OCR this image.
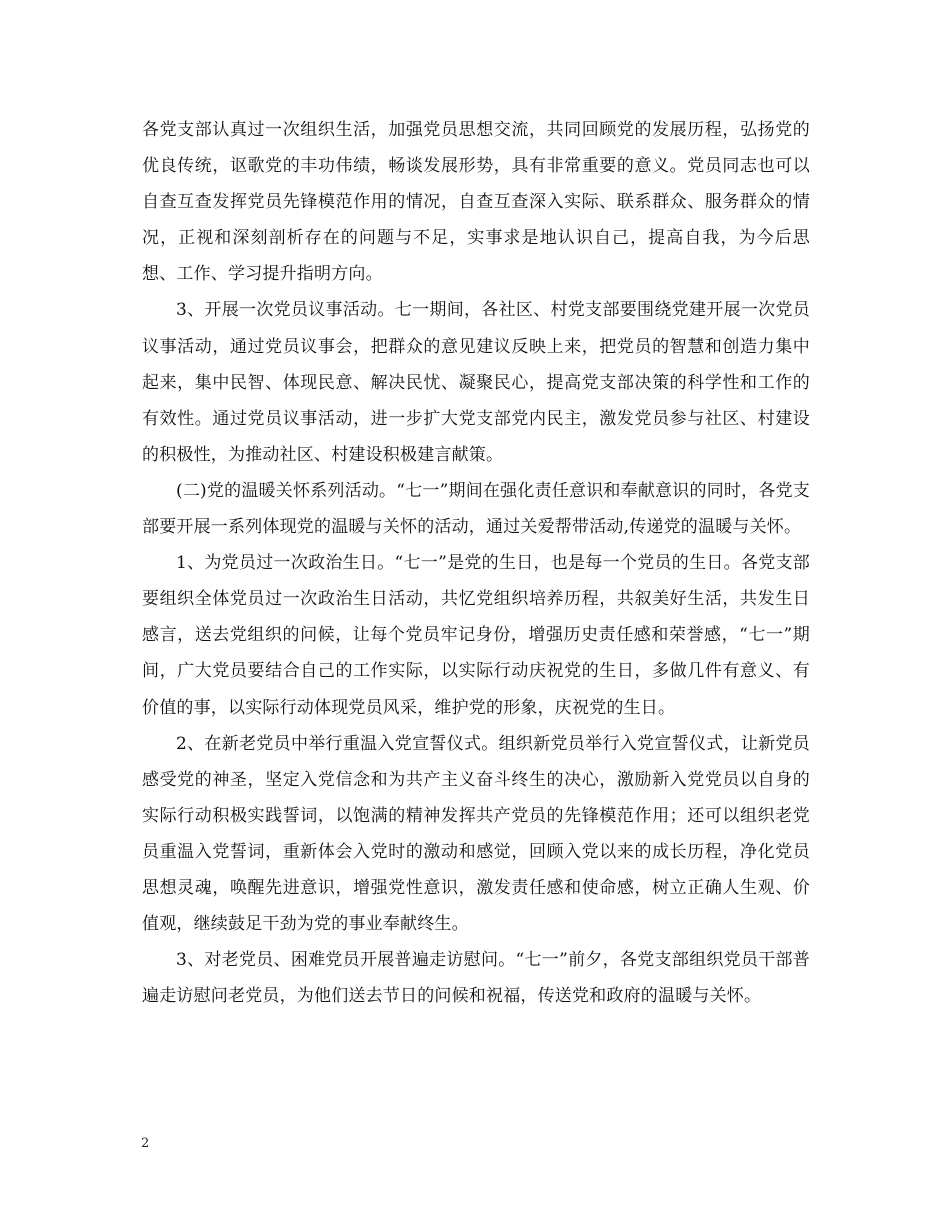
各党支部认真过一次组织生活，加强党员思想交流，共同回顾党的发展历程，弘扬党的优良传统，讴歌党的丰功伟绩，畅谈发展形势，具有非常重要的意义。党员同志也可以自查互查发挥党员先锋模范作用的情况，自查互查深入实际、联系群众、服务群众的情况，正视和深刻剖析存在的问题与不足，实事求是地认识自己，提高自我，为今后思想、工作、学习提升指明方向。

3、开展一次党员议事活动。七一期间，各社区、村党支部要围绕党建开展一次党员议事活动，通过党员议事会，把群众的意见建议反映上来，把党员的智慧和创造力集中起来，集中民智、体现民意、解决民忧、凝聚民心，提高党支部决策的科学性和工作的有效性。通过党员议事活动，进一步扩大党支部党内民主，激发党员参与社区、村建设的积极性，为推动社区、村建设积极建言献策。

(二)党的温暖关怀系列活动。“七一”期间在强化责任意识和奉献意识的同时，各党支部要开展一系列体现党的温暖与关怀的活动，通过关爱帮带活动,传递党的温暖与关怀。

1、为党员过一次政治生日。“七一”是党的生日，也是每一个党员的生日。各党支部要组织全体党员过一次政治生日活动，共忆党组织培养历程，共叙美好生活，共发生日感言，送去党组织的问候，让每个党员牢记身份，增强历史责任感和荣誉感，“七一”期间，广大党员要结合自己的工作实际，以实际行动庆祝党的生日，多做几件有意义、有价值的事，以实际行动体现党员风采，维护党的形象，庆祝党的生日。

2、在新老党员中举行重温入党宣誓仪式。组织新党员举行入党宣誓仪式，让新党员感受党的神圣，坚定入党信念和为共产主义奋斗终生的决心，激励新入党党员以自身的实际行动积极实践誓词，以饱满的精神发挥共产党员的先锋模范作用；还可以组织老党员重温入党誓词，重新体会入党时的激动和感觉，回顾入党以来的成长历程，净化党员思想灵魂，唤醒先进意识，增强党性意识，激发责任感和使命感，树立正确人生观、价值观，继续鼓足干劲为党的事业奉献终生。

3、对老党员、困难党员开展普遍走访慰问。“七一”前夕，各党支部组织党员干部普遍走访慰问老党员，为他们送去节日的问候和祝福，传送党和政府的温暖与关怀。

2
